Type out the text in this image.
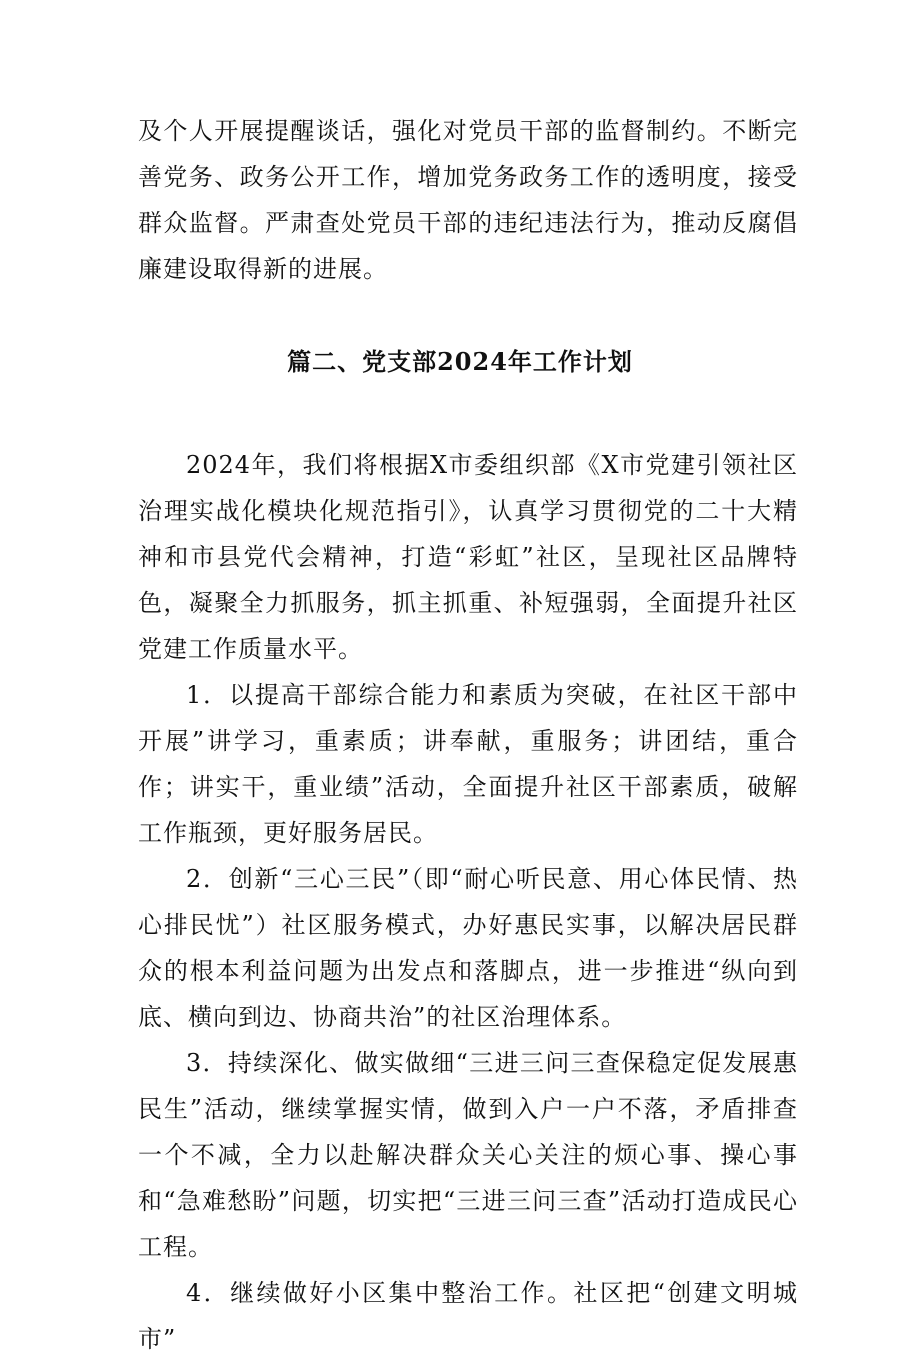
及个人开展提醒谈话，强化对党员干部的监督制约。不断完善党务、政务公开工作，增加党务政务工作的透明度，接受群众监督。严肃查处党员干部的违纪违法行为，推动反腐倡廉建设取得新的进展。

篇二、党支部2024年工作计划

2024年，我们将根据X市委组织部《X市党建引领社区治理实战化模块化规范指引》，认真学习贯彻党的二十大精神和市县党代会精神，打造“彩虹”社区，呈现社区品牌特色，凝聚全力抓服务，抓主抓重、补短强弱，全面提升社区党建工作质量水平。

1．以提高干部综合能力和素质为突破，在社区干部中开展”讲学习，重素质；讲奉献，重服务；讲团结，重合作；讲实干，重业绩”活动，全面提升社区干部素质，破解工作瓶颈，更好服务居民。

2．创新“三心三民”（即“耐心听民意、用心体民情、热心排民忧”）社区服务模式，办好惠民实事，以解决居民群众的根本利益问题为出发点和落脚点，进一步推进“纵向到底、横向到边、协商共治”的社区治理体系。

3．持续深化、做实做细“三进三问三查保稳定促发展惠民生”活动，继续掌握实情，做到入户一户不落，矛盾排查一个不减，全力以赴解决群众关心关注的烦心事、操心事和“急难愁盼”问题，切实把“三进三问三查”活动打造成民心工程。

4．继续做好小区集中整治工作。社区把“创建文明城市”
